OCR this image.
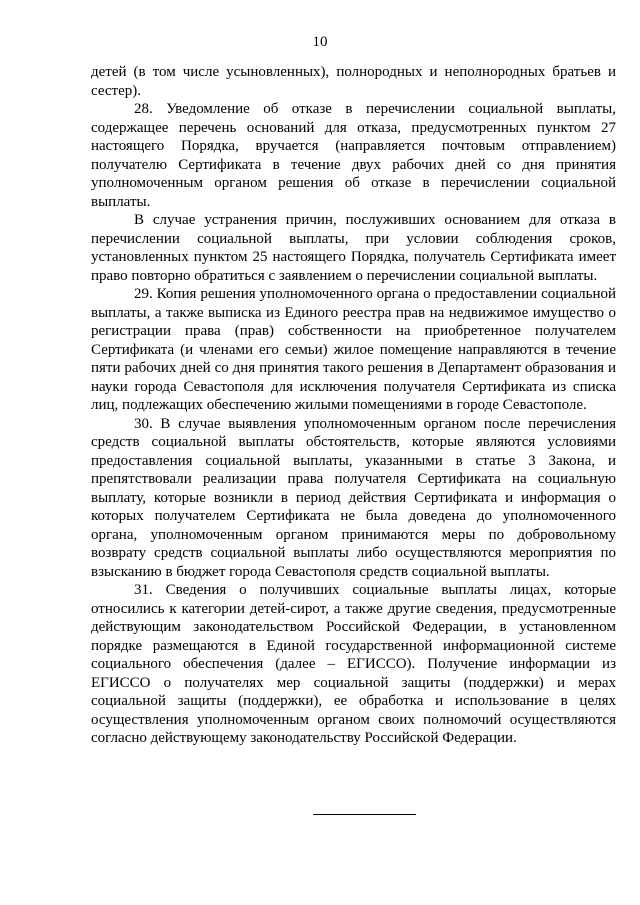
10

детей (в том числе усыновленных), полнородных и неполнородных братьев и сестер).

28. Уведомление об отказе в перечислении социальной выплаты, содержащее перечень оснований для отказа, предусмотренных пунктом 27 настоящего Порядка, вручается (направляется почтовым отправлением) получателю Сертификата в течение двух рабочих дней со дня принятия уполномоченным органом решения об отказе в перечислении социальной выплаты.

В случае устранения причин, послуживших основанием для отказа в перечислении социальной выплаты, при условии соблюдения сроков, установленных пунктом 25 настоящего Порядка, получатель Сертификата имеет право повторно обратиться с заявлением о перечислении социальной выплаты.

29. Копия решения уполномоченного органа о предоставлении социальной выплаты, а также выписка из Единого реестра прав на недвижимое имущество о регистрации права (прав) собственности на приобретенное получателем Сертификата (и членами его семьи) жилое помещение направляются в течение пяти рабочих дней со дня принятия такого решения в Департамент образования и науки города Севастополя для исключения получателя Сертификата из списка лиц, подлежащих обеспечению жилыми помещениями в городе Севастополе.

30. В случае выявления уполномоченным органом после перечисления средств социальной выплаты обстоятельств, которые являются условиями предоставления социальной выплаты, указанными в статье 3 Закона, и препятствовали реализации права получателя Сертификата на социальную выплату, которые возникли в период действия Сертификата и информация о которых получателем Сертификата не была доведена до уполномоченного органа, уполномоченным органом принимаются меры по добровольному возврату средств социальной выплаты либо осуществляются мероприятия по взысканию в бюджет города Севастополя средств социальной выплаты.

31. Сведения о получивших социальные выплаты лицах, которые относились к категории детей-сирот, а также другие сведения, предусмотренные действующим законодательством Российской Федерации, в установленном порядке размещаются в Единой государственной информационной системе социального обеспечения (далее – ЕГИССО). Получение информации из ЕГИССО о получателях мер социальной защиты (поддержки) и мерах социальной защиты (поддержки), ее обработка и использование в целях осуществления уполномоченным органом своих полномочий осуществляются согласно действующему законодательству Российской Федерации.
